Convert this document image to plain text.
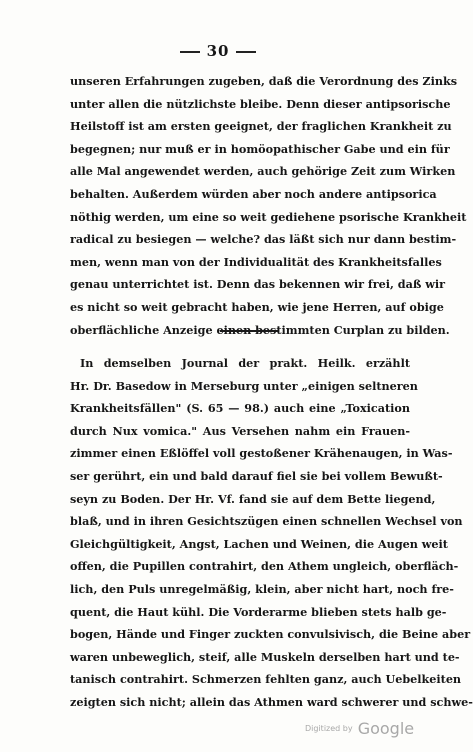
30
unseren Erfahrungen zugeben, daß die Verordnung des Zinks
unter allen die nützlichste bleibe. Denn dieser antipsorische
Heilstoff ist am ersten geeignet, der fraglichen Krankheit zu
begegnen; nur muß er in homöopathischer Gabe und ein für
alle Mal angewendet werden, auch gehörige Zeit zum Wirken
behalten. Außerdem würden aber noch andere antipsorica
nöthig werden, um eine so weit gediehene psorische Krankheit
radical zu besiegen — welche? das läßt sich nur dann bestim-
men, wenn man von der Individualität des Krankheitsfalles
genau unterrichtet ist. Denn das bekennen wir frei, daß wir
es nicht so weit gebracht haben, wie jene Herren, auf obige
oberflächliche Anzeige einen bestimmten Curplan zu bilden.
In demselben Journal der prakt. Heilk. erzählt
Hr. Dr. Basedow in Merseburg unter „einigen seltneren
Krankheitsfällen" (S. 65 — 98.) auch eine „Toxication
durch Nux vomica." Aus Versehen nahm ein Frauen-
zimmer einen Eßlöffel voll gestoßener Krähenaugen, in Was-
ser gerührt, ein und bald darauf fiel sie bei vollem Bewußt-
seyn zu Boden. Der Hr. Vf. fand sie auf dem Bette liegend,
blaß, und in ihren Gesichtszügen einen schnellen Wechsel von
Gleichgültigkeit, Angst, Lachen und Weinen, die Augen weit
offen, die Pupillen contrahirt, den Athem ungleich, oberfläch-
lich, den Puls unregelmäßig, klein, aber nicht hart, noch fre-
quent, die Haut kühl. Die Vorderarme blieben stets halb ge-
bogen, Hände und Finger zuckten convulsivisch, die Beine aber
waren unbeweglich, steif, alle Muskeln derselben hart und te-
tanisch contrahirt. Schmerzen fehlten ganz, auch Uebelkeiten
zeigten sich nicht; allein das Athmen ward schwerer und schwe-
Digitized by Google
